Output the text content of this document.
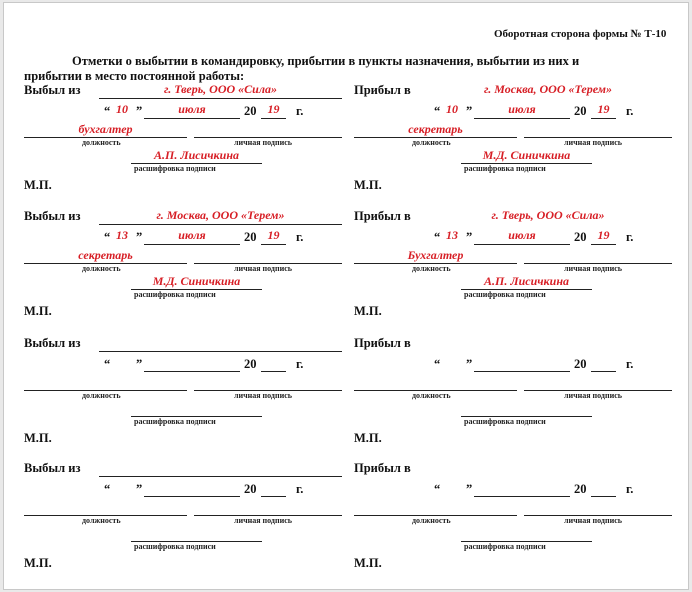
Оборотная сторона формы № Т-10
Отметки о выбытии в командировку, прибытии в пункты назначения, выбытии из них и
прибытии в место постоянной работы:
Выбыл из	г. Тверь, ООО «Сила»
“ 10 ”	июля	20 19	г.
бухгалтер
должность	личная подпись
А.П. Лисичкина
расшифровка подписи
М.П.
Прибыл в	г. Москва, ООО «Терем»
“ 10 ”	июля	20 19	г.
секретарь
должность	личная подпись
М.Д. Синичкина
расшифровка подписи
М.П.
Выбыл из	г. Москва, ООО «Терем»
“ 13 ”	июля	20 19	г.
секретарь
должность	личная подпись
М.Д. Синичкина
расшифровка подписи
М.П.
Прибыл в	г. Тверь, ООО «Сила»
“ 13 ”	июля	20 19	г.
Бухгалтер
должность	личная подпись
А.П. Лисичкина
расшифровка подписи
М.П.
Выбыл из
“ ”	20	г.
должность	личная подпись
расшифровка подписи
М.П.
Прибыл в
“ ”	20	г.
должность	личная подпись
расшифровка подписи
М.П.
Выбыл из
“ ”	20	г.
должность	личная подпись
расшифровка подписи
М.П.
Прибыл в
“ ”	20	г.
должность	личная подпись
расшифровка подписи
М.П.
